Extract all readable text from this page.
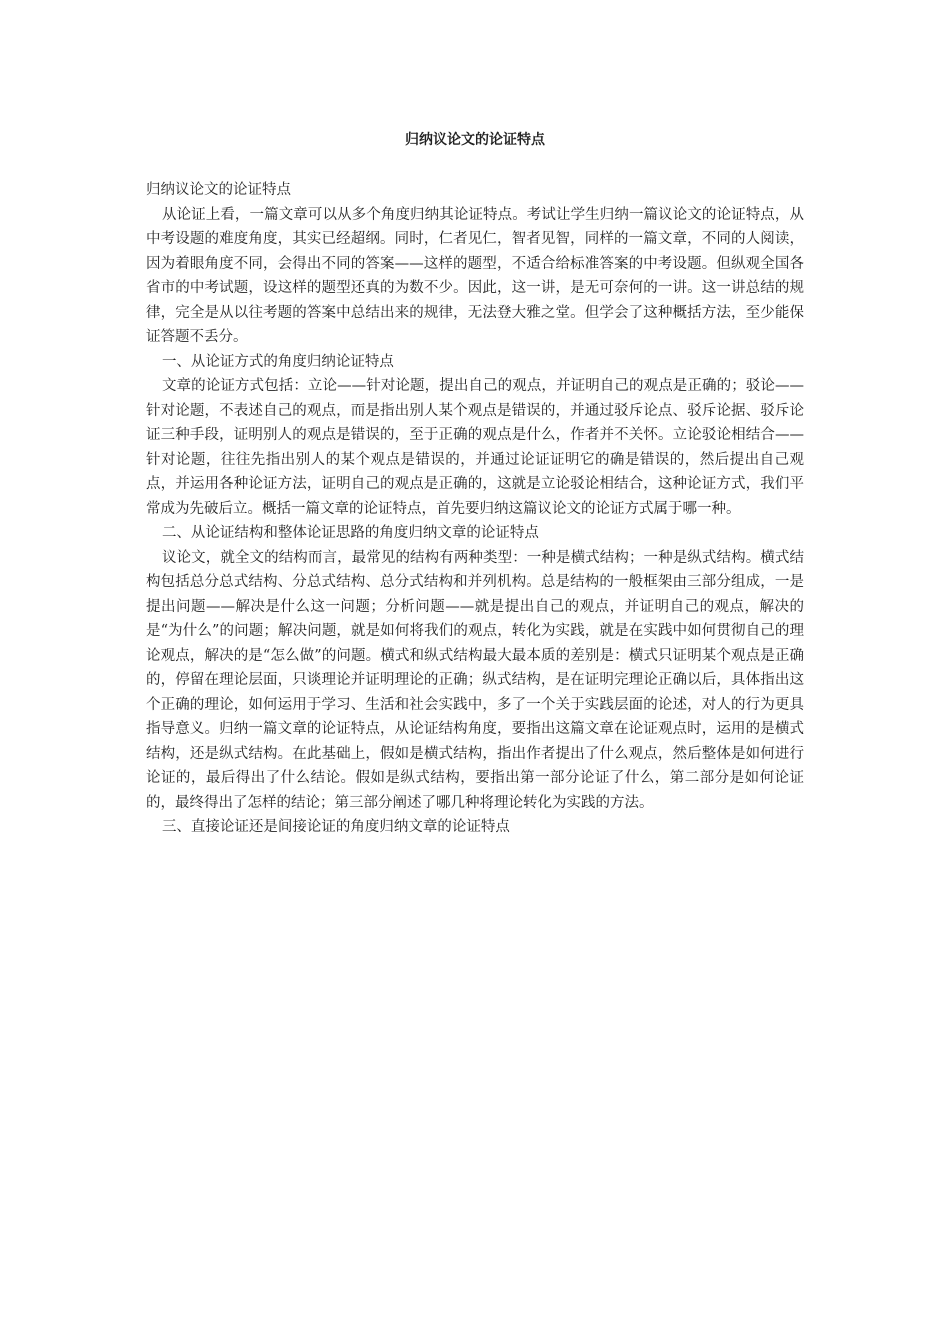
归纳议论文的论证特点

归纳议论文的论证特点

从论证上看，一篇文章可以从多个角度归纳其论证特点。考试让学生归纳一篇议论文的论证特点，从中考设题的难度角度，其实已经超纲。同时，仁者见仁，智者见智，同样的一篇文章，不同的人阅读，因为着眼角度不同，会得出不同的答案——这样的题型，不适合给标准答案的中考设题。但纵观全国各省市的中考试题，设这样的题型还真的为数不少。因此，这一讲，是无可奈何的一讲。这一讲总结的规律，完全是从以往考题的答案中总结出来的规律，无法登大雅之堂。但学会了这种概括方法，至少能保证答题不丢分。

一、从论证方式的角度归纳论证特点

文章的论证方式包括：立论——针对论题，提出自己的观点，并证明自己的观点是正确的；驳论——针对论题，不表述自己的观点，而是指出别人某个观点是错误的，并通过驳斥论点、驳斥论据、驳斥论证三种手段，证明别人的观点是错误的，至于正确的观点是什么，作者并不关怀。立论驳论相结合——针对论题，往往先指出别人的某个观点是错误的，并通过论证证明它的确是错误的，然后提出自己观点，并运用各种论证方法，证明自己的观点是正确的，这就是立论驳论相结合，这种论证方式，我们平常成为先破后立。概括一篇文章的论证特点，首先要归纳这篇议论文的论证方式属于哪一种。

二、从论证结构和整体论证思路的角度归纳文章的论证特点

议论文，就全文的结构而言，最常见的结构有两种类型：一种是横式结构；一种是纵式结构。横式结构包括总分总式结构、分总式结构、总分式结构和并列机构。总是结构的一般框架由三部分组成，一是提出问题——解决是什么这一问题；分析问题——就是提出自己的观点，并证明自己的观点，解决的是“为什么”的问题；解决问题，就是如何将我们的观点，转化为实践，就是在实践中如何贯彻自己的理论观点，解决的是“怎么做”的问题。横式和纵式结构最大最本质的差别是：横式只证明某个观点是正确的，停留在理论层面，只谈理论并证明理论的正确；纵式结构，是在证明完理论正确以后，具体指出这个正确的理论，如何运用于学习、生活和社会实践中，多了一个关于实践层面的论述，对人的行为更具指导意义。归纳一篇文章的论证特点，从论证结构角度，要指出这篇文章在论证观点时，运用的是横式结构，还是纵式结构。在此基础上，假如是横式结构，指出作者提出了什么观点，然后整体是如何进行论证的，最后得出了什么结论。假如是纵式结构，要指出第一部分论证了什么，第二部分是如何论证的，最终得出了怎样的结论；第三部分阐述了哪几种将理论转化为实践的方法。

三、直接论证还是间接论证的角度归纳文章的论证特点
